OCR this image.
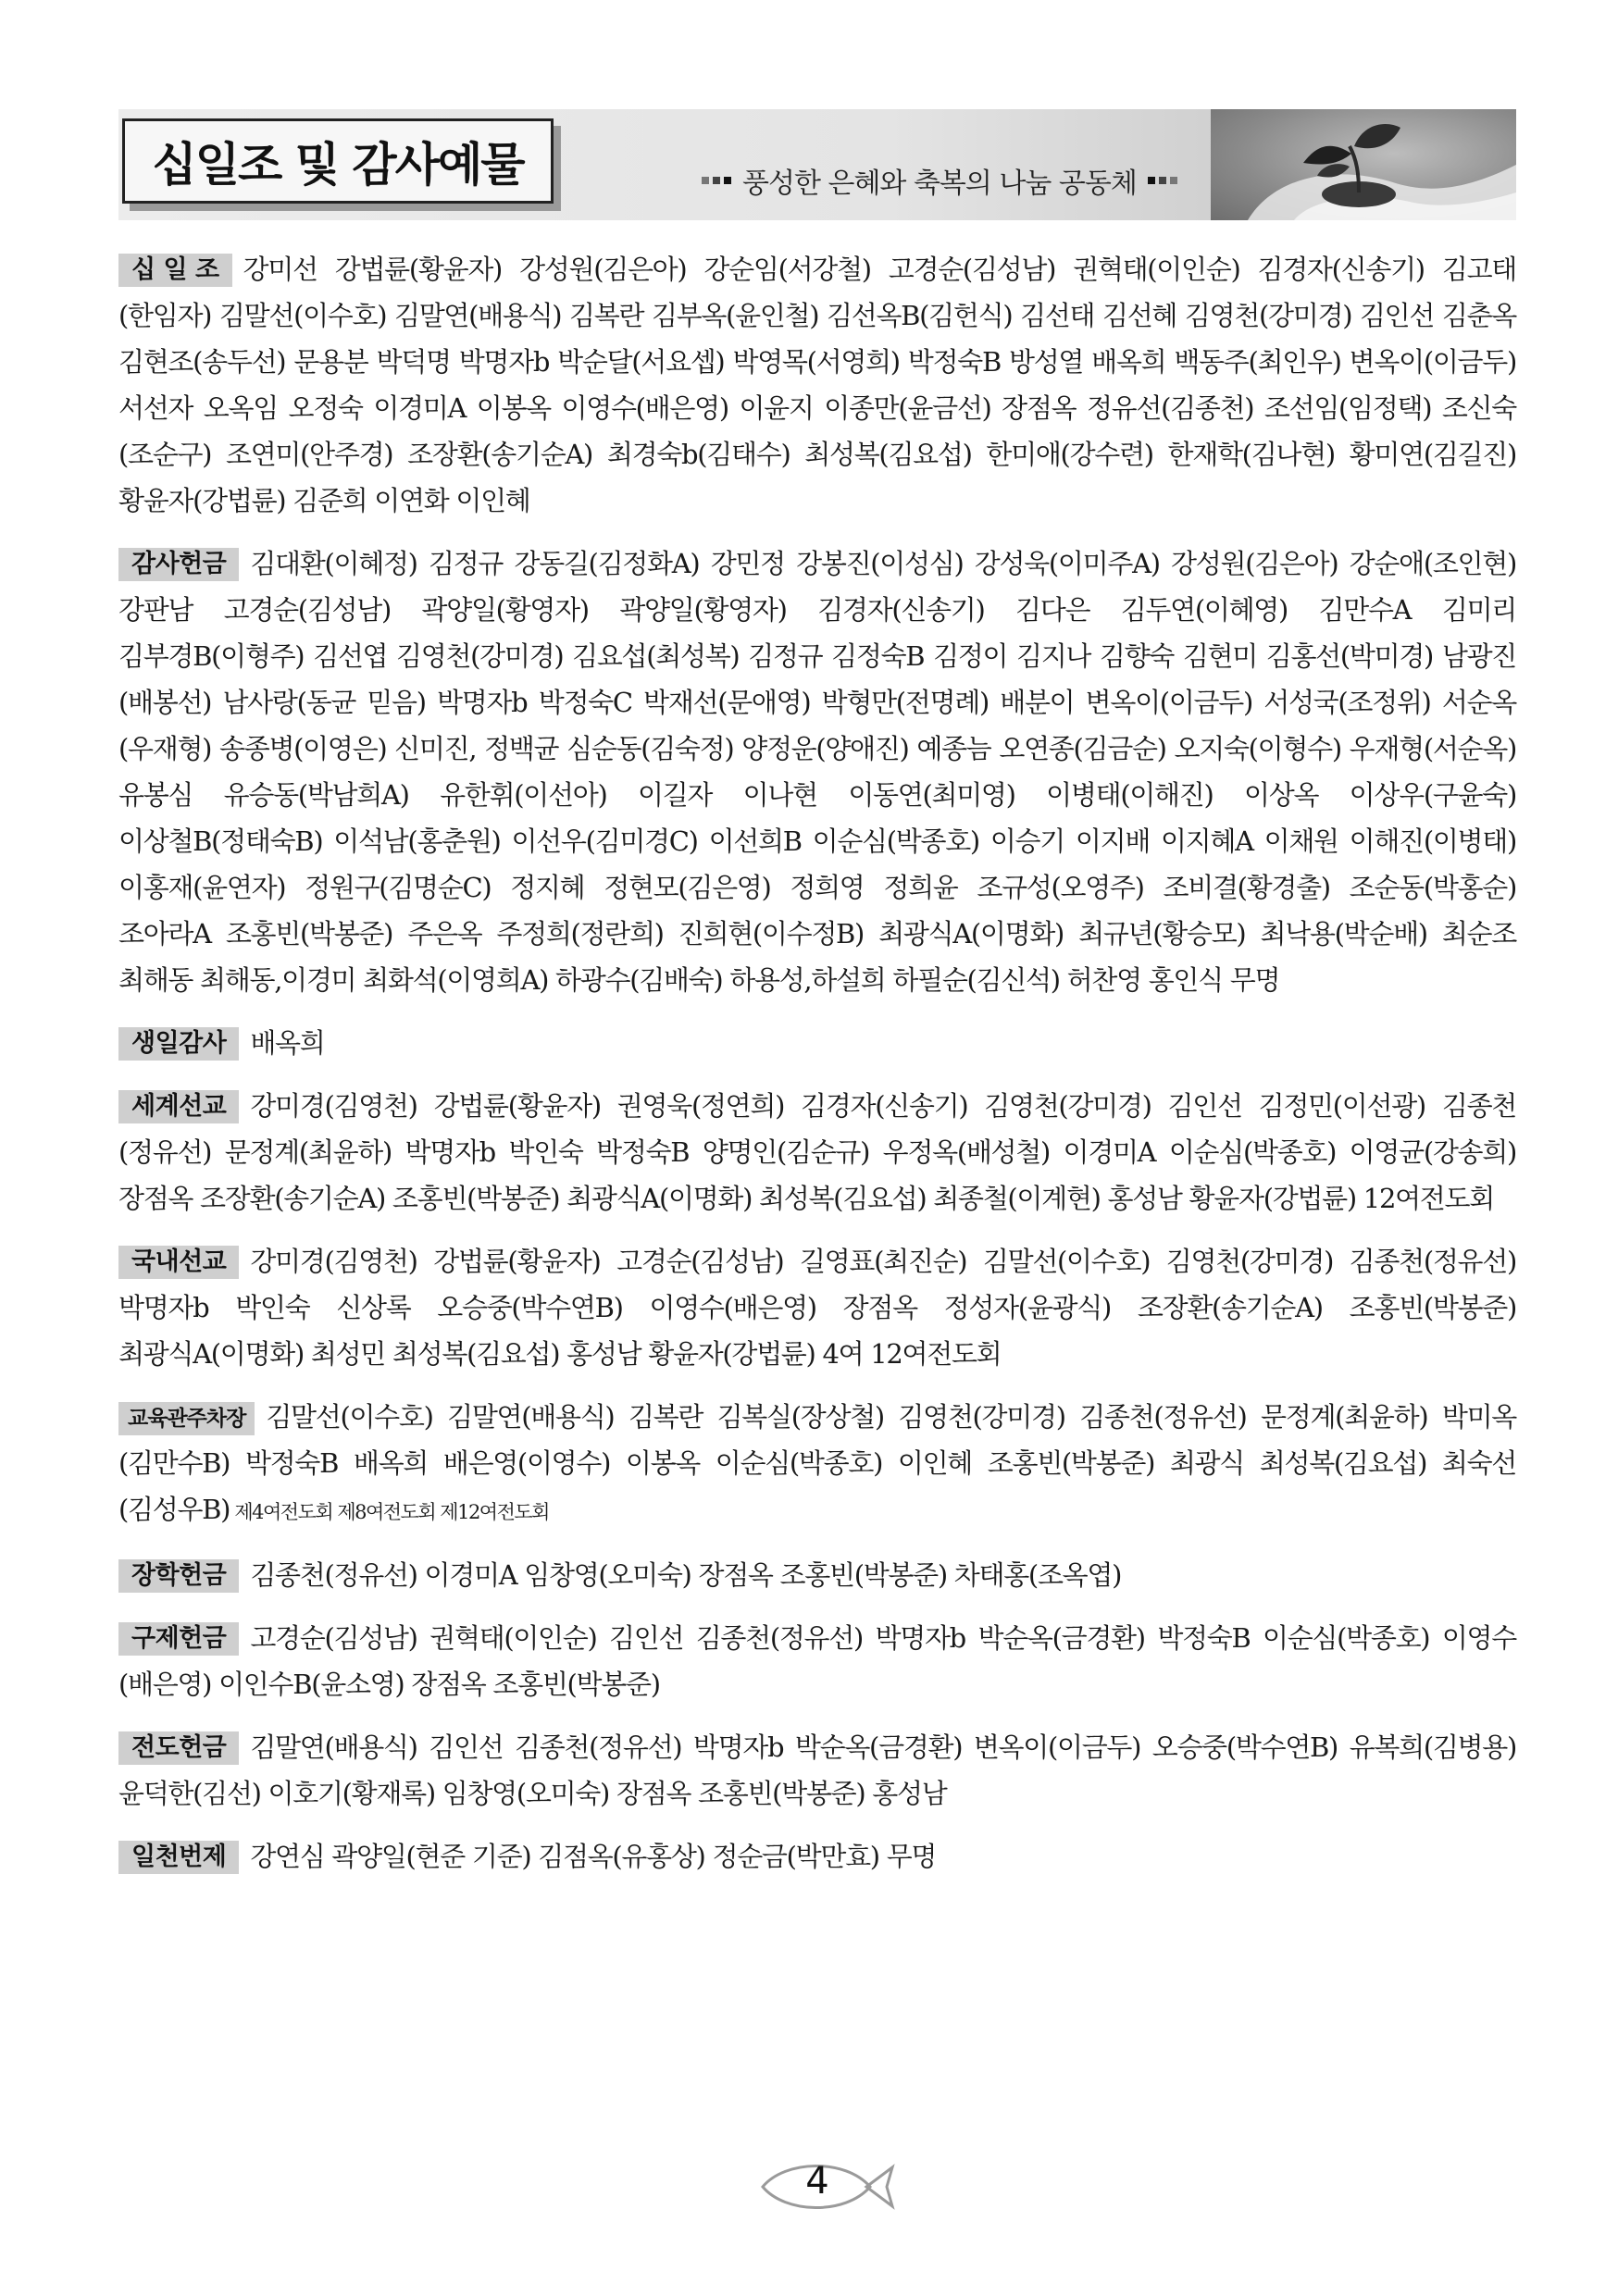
십일조 및 감사예물	풍성한 은혜와 축복의 나눔 공동체
십 일 조 강미선 강법륜(황윤자) 강성원(김은아) 강순임(서강철) 고경순(김성남) 권혁태(이인순) 김경자(신송기) 김고태(한임자) 김말선(이수호) 김말연(배용식) 김복란 김부옥(윤인철) 김선옥B(김헌식) 김선태 김선혜 김영천(강미경) 김인선 김춘옥 김현조(송두선) 문용분 박덕명 박명자b 박순달(서요셉) 박영목(서영희) 박정숙B 방성열 배옥희 백동주(최인우) 변옥이(이금두) 서선자 오옥임 오정숙 이경미A 이봉옥 이영수(배은영) 이윤지 이종만(윤금선) 장점옥 정유선(김종천) 조선임(임정택) 조신숙(조순구) 조연미(안주경) 조장환(송기순A) 최경숙b(김태수) 최성복(김요섭) 한미애(강수련) 한재학(김나현) 황미연(김길진) 황윤자(강법륜) 김준희 이연화 이인혜
감사헌금 김대환(이혜정) 김정규 강동길(김정화A) 강민정 강봉진(이성심) 강성욱(이미주A) 강성원(김은아) 강순애(조인현) 강판남 고경순(김성남) 곽양일(황영자) 곽양일(황영자) 김경자(신송기) 김다은 김두연(이혜영) 김만수A 김미리 김부경B(이형주) 김선엽 김영천(강미경) 김요섭(최성복) 김정규 김정숙B 김정이 김지나 김향숙 김현미 김홍선(박미경) 남광진(배봉선) 남사랑(동균 믿음) 박명자b 박정숙C 박재선(문애영) 박형만(전명례) 배분이 변옥이(이금두) 서성국(조정위) 서순옥(우재형) 송종병(이영은) 신미진, 정백균 심순동(김숙정) 양정운(양애진) 예종늠 오연종(김금순) 오지숙(이형수) 우재형(서순옥) 유봉심 유승동(박남희A) 유한휘(이선아) 이길자 이나현 이동연(최미영) 이병태(이해진) 이상옥 이상우(구윤숙) 이상철B(정태숙B) 이석남(홍춘원) 이선우(김미경C) 이선희B 이순심(박종호) 이승기 이지배 이지혜A 이채원 이해진(이병태) 이홍재(윤연자) 정원구(김명순C) 정지혜 정현모(김은영) 정희영 정희윤 조규성(오영주) 조비결(황경출) 조순동(박홍순) 조아라A 조홍빈(박봉준) 주은옥 주정희(정란희) 진희현(이수정B) 최광식A(이명화) 최규년(황승모) 최낙용(박순배) 최순조 최해동 최해동,이경미 최화석(이영희A) 하광수(김배숙) 하용성,하설희 하필순(김신석) 허찬영 홍인식 무명
생일감사 배옥희
세계선교 강미경(김영천) 강법륜(황윤자) 권영욱(정연희) 김경자(신송기) 김영천(강미경) 김인선 김정민(이선광) 김종천(정유선) 문정계(최윤하) 박명자b 박인숙 박정숙B 양명인(김순규) 우정옥(배성철) 이경미A 이순심(박종호) 이영균(강송희) 장점옥 조장환(송기순A) 조홍빈(박봉준) 최광식A(이명화) 최성복(김요섭) 최종철(이계현) 홍성남 황윤자(강법륜) 12여전도회
국내선교 강미경(김영천) 강법륜(황윤자) 고경순(김성남) 길영표(최진순) 김말선(이수호) 김영천(강미경) 김종천(정유선) 박명자b 박인숙 신상록 오승중(박수연B) 이영수(배은영) 장점옥 정성자(윤광식) 조장환(송기순A) 조홍빈(박봉준) 최광식A(이명화) 최성민 최성복(김요섭) 홍성남 황윤자(강법륜) 4여 12여전도회
교육관주차장 김말선(이수호) 김말연(배용식) 김복란 김복실(장상철) 김영천(강미경) 김종천(정유선) 문정계(최윤하) 박미옥(김만수B) 박정숙B 배옥희 배은영(이영수) 이봉옥 이순심(박종호) 이인혜 조홍빈(박봉준) 최광식 최성복(김요섭) 최숙선(김성우B) 제4여전도회 제8여전도회 제12여전도회
장학헌금 김종천(정유선) 이경미A 임창영(오미숙) 장점옥 조홍빈(박봉준) 차태홍(조옥엽)
구제헌금 고경순(김성남) 권혁태(이인순) 김인선 김종천(정유선) 박명자b 박순옥(금경환) 박정숙B 이순심(박종호) 이영수(배은영) 이인수B(윤소영) 장점옥 조홍빈(박봉준)
전도헌금 김말연(배용식) 김인선 김종천(정유선) 박명자b 박순옥(금경환) 변옥이(이금두) 오승중(박수연B) 유복희(김병용) 윤덕한(김선) 이호기(황재록) 임창영(오미숙) 장점옥 조홍빈(박봉준) 홍성남
일천번제 강연심 곽양일(현준 기준) 김점옥(유홍상) 정순금(박만효) 무명
4
